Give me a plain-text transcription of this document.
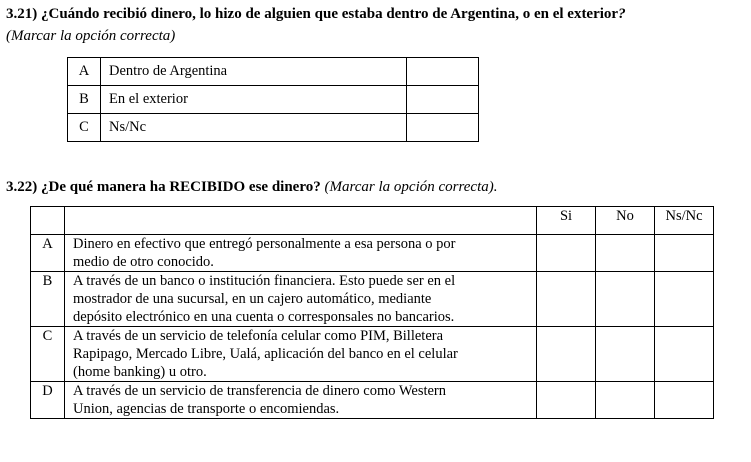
3.21) ¿Cuándo recibió dinero, lo hizo de alguien que estaba dentro de Argentina, o en el exterior?
(Marcar la opción correcta)
A	Dentro de Argentina	
B	En el exterior	
C	Ns/Nc	
3.22) ¿De qué manera ha RECIBIDO ese dinero? (Marcar la opción correcta).
		Si	No	Ns/Nc
A	Dinero en efectivo que entregó personalmente a esa persona o por
medio de otro conocido.			

B	A través de un banco o institución financiera. Esto puede ser en el
mostrador de una sucursal, en un cajero automático, mediante
depósito electrónico en una cuenta o corresponsales no bancarios.			

C	A través de un servicio de telefonía celular como PIM, Billetera
Rapipago, Mercado Libre, Ualá, aplicación del banco en el celular
(home banking) u otro.			

D	A través de un servicio de transferencia de dinero como Western
Union, agencias de transporte o encomiendas.			
